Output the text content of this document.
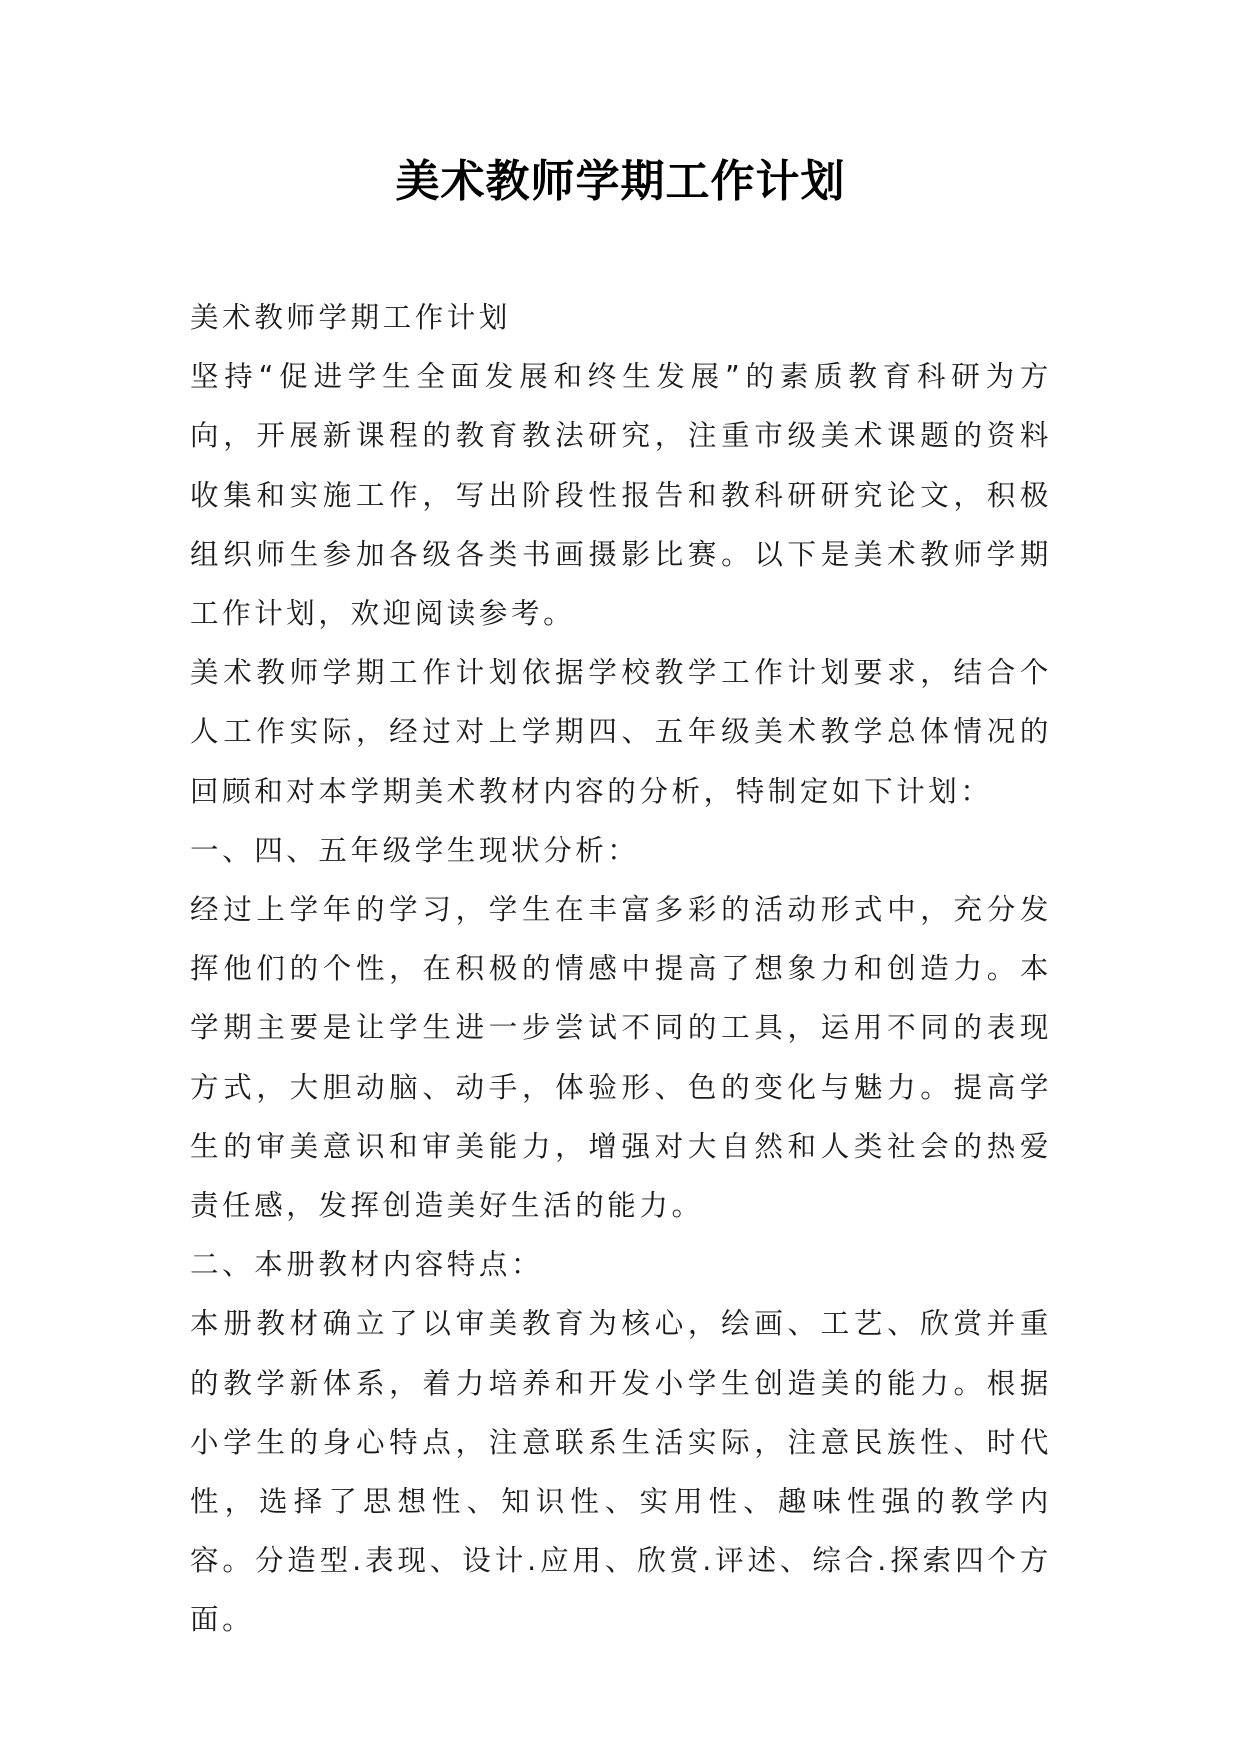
美术教师学期工作计划

美术教师学期工作计划

坚持“促进学生全面发展和终生发展”的素质教育科研为方向，开展新课程的教育教法研究，注重市级美术课题的资料收集和实施工作，写出阶段性报告和教科研研究论文，积极组织师生参加各级各类书画摄影比赛。以下是美术教师学期工作计划，欢迎阅读参考。

美术教师学期工作计划依据学校教学工作计划要求，结合个人工作实际，经过对上学期四、五年级美术教学总体情况的回顾和对本学期美术教材内容的分析，特制定如下计划：

一、四、五年级学生现状分析：

经过上学年的学习，学生在丰富多彩的活动形式中，充分发挥他们的个性，在积极的情感中提高了想象力和创造力。本学期主要是让学生进一步尝试不同的工具，运用不同的表现方式，大胆动脑、动手，体验形、色的变化与魅力。提高学生的审美意识和审美能力，增强对大自然和人类社会的热爱责任感，发挥创造美好生活的能力。

二、本册教材内容特点：

本册教材确立了以审美教育为核心，绘画、工艺、欣赏并重的教学新体系，着力培养和开发小学生创造美的能力。根据小学生的身心特点，注意联系生活实际，注意民族性、时代性，选择了思想性、知识性、实用性、趣味性强的教学内容。分造型.表现、设计.应用、欣赏.评述、综合.探索四个方面。
